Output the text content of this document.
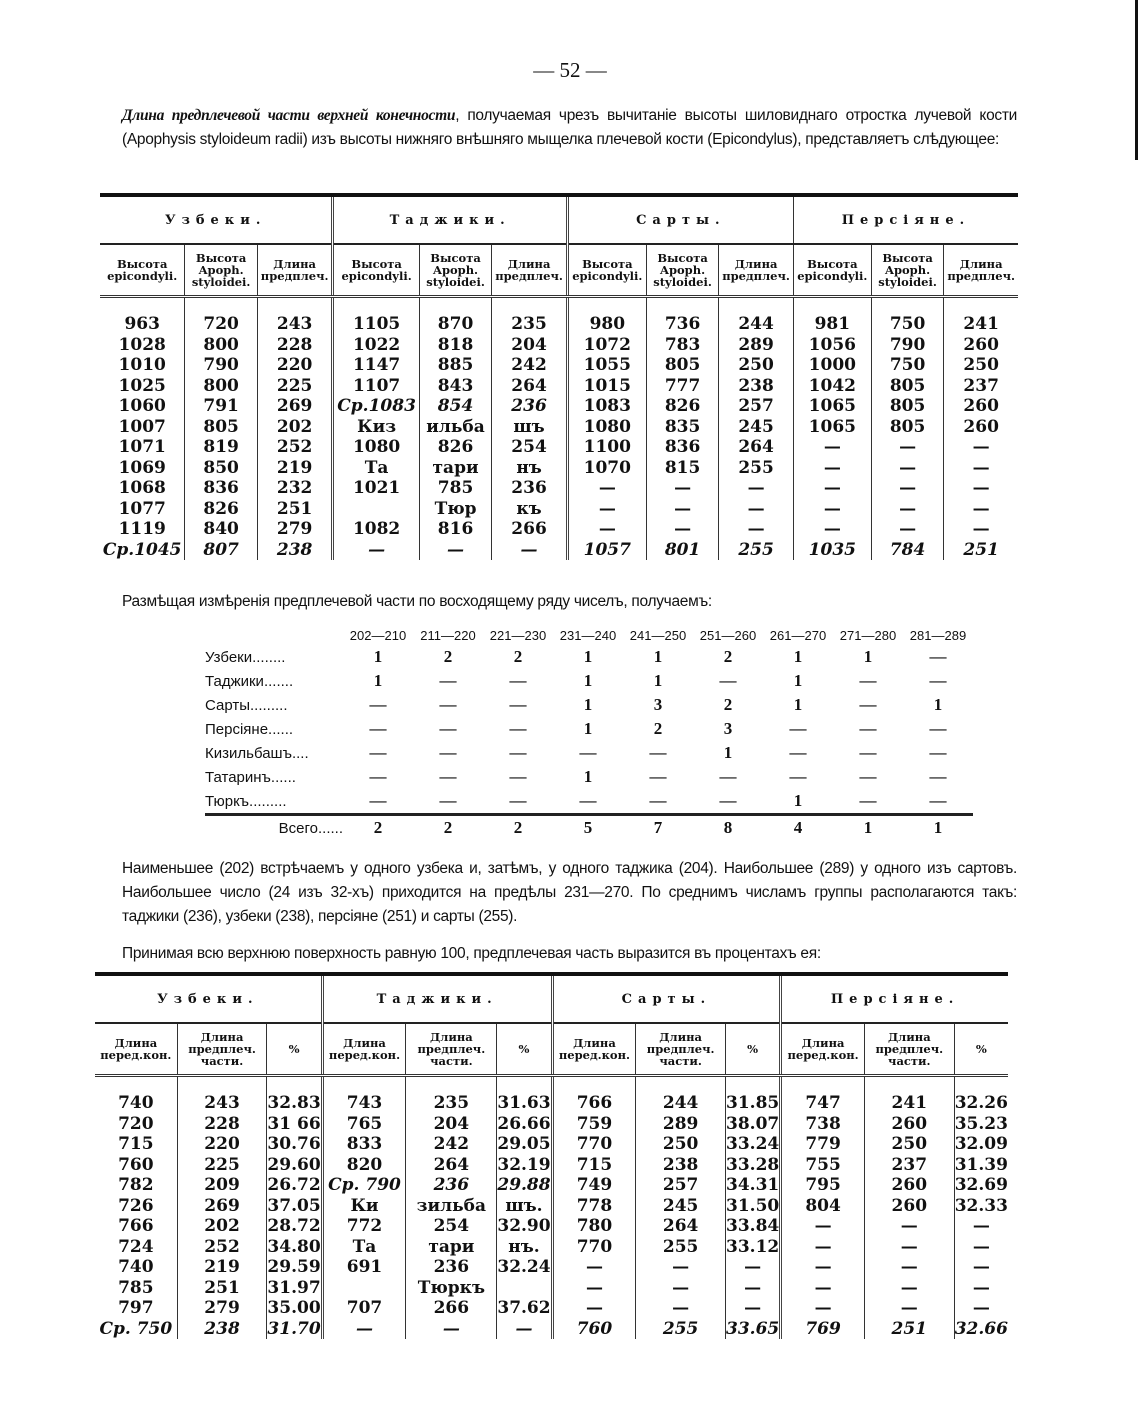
— 52 —
Длина предплечевой части верхней конечности, получаемая чрезъ вычитаніе высоты шиловиднаго отростка лучевой кости (Apophysis styloideum radii) изъ высоты нижняго внѣшняго мыщелка плечевой кости (Epicondylus), представляетъ слѣдующее:
Узбеки.			Таджики.			Сарты.			Персіяне.		
Высота epicondyli.	Высота Apoph. styloidei.	Длина предплеч.	Высота epicondyli.	Высота Apoph. styloidei.	Длина предплеч.	Высота epicondyli.	Высота Apoph. styloidei.	Длина предплеч.	Высота epicondyli.	Высота Apoph. styloidei.	Длина предплеч.
963	720	243	1105	870	235	980	736	244	981	750	241
1028	800	228	1022	818	204	1072	783	289	1056	790	260
1010	790	220	1147	885	242	1055	805	250	1000	750	250
1025	800	225	1107	843	264	1015	777	238	1042	805	237
1060	791	269	Ср.1083	854	236	1083	826	257	1065	805	260
1007	805	202	Киз	ильба	шъ	1080	835	245	1065	805	260
1071	819	252	1080	826	254	1100	836	264	—	—	—
1069	850	219	Та	тари	нъ	1070	815	255	—	—	—
1068	836	232	1021	785	236	—	—	—	—	—	—
1077	826	251		Тюр	къ	—	—	—	—	—	—
1119	840	279	1082	816	266	—	—	—	—	—	—
Ср.1045	807	238	—	—	—	1057	801	255	1035	784	251
Размѣщая измѣренія предплечевой части по восходящему ряду чиселъ, получаемъ:
	202—210	211—220	221—230	231—240	241—250	251—260	261—270	271—280	281—289
Узбеки........	1	2	2	1	1	2	1	1	—
Таджики.......	1	—	—	1	1	—	1	—	—
Сарты.........	—	—	—	1	3	2	1	—	1
Персіяне......	—	—	—	1	2	3	—	—	—
Кизильбашъ....	—	—	—	—	—	1	—	—	—
Татаринъ......	—	—	—	1	—	—	—	—	—
Тюркъ.........	—	—	—	—	—	—	1	—	—
Всего......	2	2	2	5	7	8	4	1	1
Наименьшее (202) встрѣчаемъ у одного узбека и, затѣмъ, у одного таджика (204). Наибольшее (289) у одного изъ сартовъ. Наибольшее число (24 изъ 32-хъ) приходится на предѣлы 231—270. По среднимъ числамъ группы располагаются такъ: таджики (236), узбеки (238), персіяне (251) и сарты (255).
Принимая всю верхнюю поверхность равную 100, предплечевая часть выразится въ процентахъ ея:
Узбеки.			Таджики.			Сарты.			Персіяне.		
Длина перед.кон.	Длина предплеч. части.	%	Длина перед.кон.	Длина предплеч. части.	%	Длина перед.кон.	Длина предплеч. части.	%	Длина перед.кон.	Длина предплеч. части.	%
740	243	32.83	743	235	31.63	766	244	31.85	747	241	32.26
720	228	31 66	765	204	26.66	759	289	38.07	738	260	35.23
715	220	30.76	833	242	29.05	770	250	33.24	779	250	32.09
760	225	29.60	820	264	32.19	715	238	33.28	755	237	31.39
782	209	26.72	Ср. 790	236	29.88	749	257	34.31	795	260	32.69
726	269	37.05	Ки	зильба	шъ.	778	245	31.50	804	260	32.33
766	202	28.72	772	254	32.90	780	264	33.84	—	—	—
724	252	34.80	Та	тари	нъ.	770	255	33.12	—	—	—
740	219	29.59	691	236	32.24	—	—	—	—	—	—
785	251	31.97		Тюркъ		—	—	—	—	—	—
797	279	35.00	707	266	37.62	—	—	—	—	—	—
Ср. 750	238	31.70	—	—	—	760	255	33.65	769	251	32.66
